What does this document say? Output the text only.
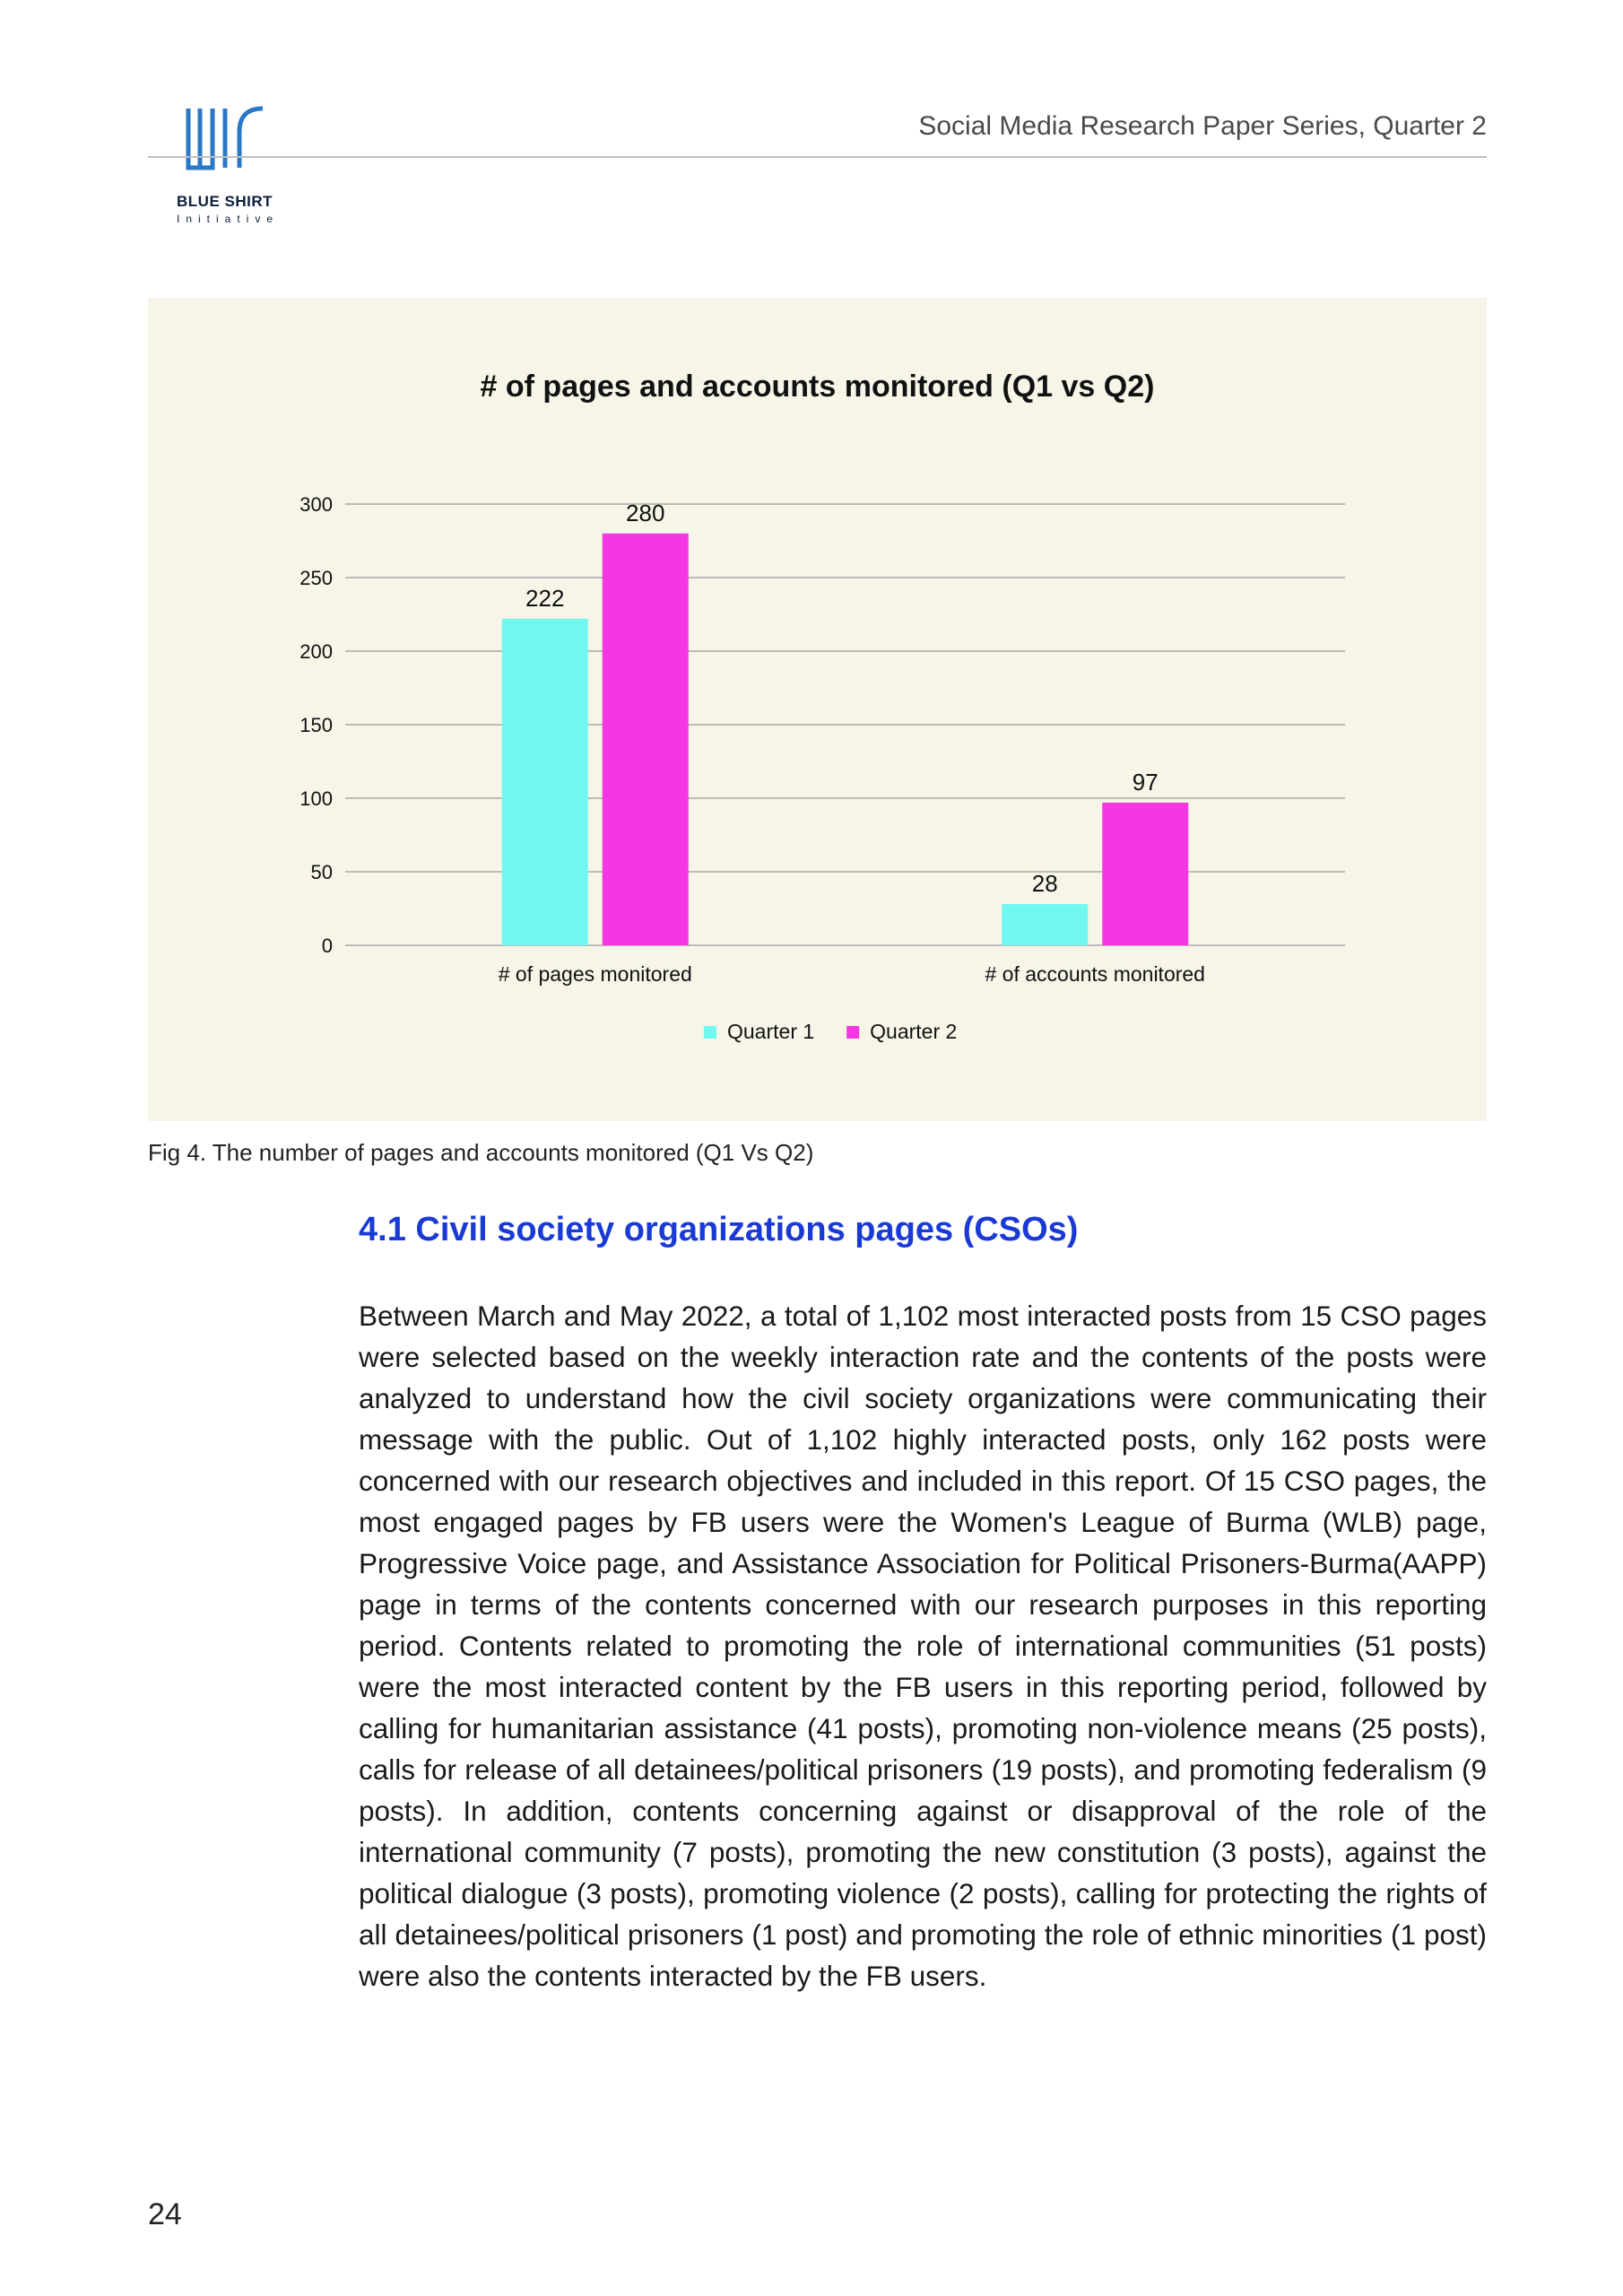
BLUE SHIRT
Initiative
Social Media Research Paper Series, Quarter 2
# of pages and accounts monitored (Q1 vs Q2)
0
50
100
150
200
250
300
222
280
# of pages monitored
28
97
# of accounts monitored
Quarter 1	Quarter 2
Fig 4. The number of pages and accounts monitored (Q1 Vs Q2)
4.1 Civil society organizations pages (CSOs)
Between March and May 2022, a total of 1,102 most interacted posts from 15 CSO pages were selected based on the weekly interaction rate and the contents of the posts were analyzed to understand how the civil society organizations were communicating their message with the public. Out of 1,102 highly interacted posts, only 162 posts were concerned with our research objectives and included in this report. Of 15 CSO pages, the most engaged pages by FB users were the Women's League of Burma (WLB) page, Progressive Voice page, and Assistance Association for Political Prisoners-Burma(AAPP) page in terms of the contents concerned with our research purposes in this reporting period. Contents related to promoting the role of international communities (51 posts) were the most interacted content by the FB users in this reporting period, followed by calling for humanitarian assistance (41 posts), promoting non-violence means (25 posts), calls for release of all detainees/political prisoners (19 posts), and promoting federalism (9 posts). In addition, contents concerning against or disapproval of the role of the international community (7 posts), promoting the new constitution (3 posts), against the political dialogue (3 posts), promoting violence (2 posts), calling for protecting the rights of all detainees/political prisoners (1 post) and promoting the role of ethnic minorities (1 post) were also the contents interacted by the FB users.
24
